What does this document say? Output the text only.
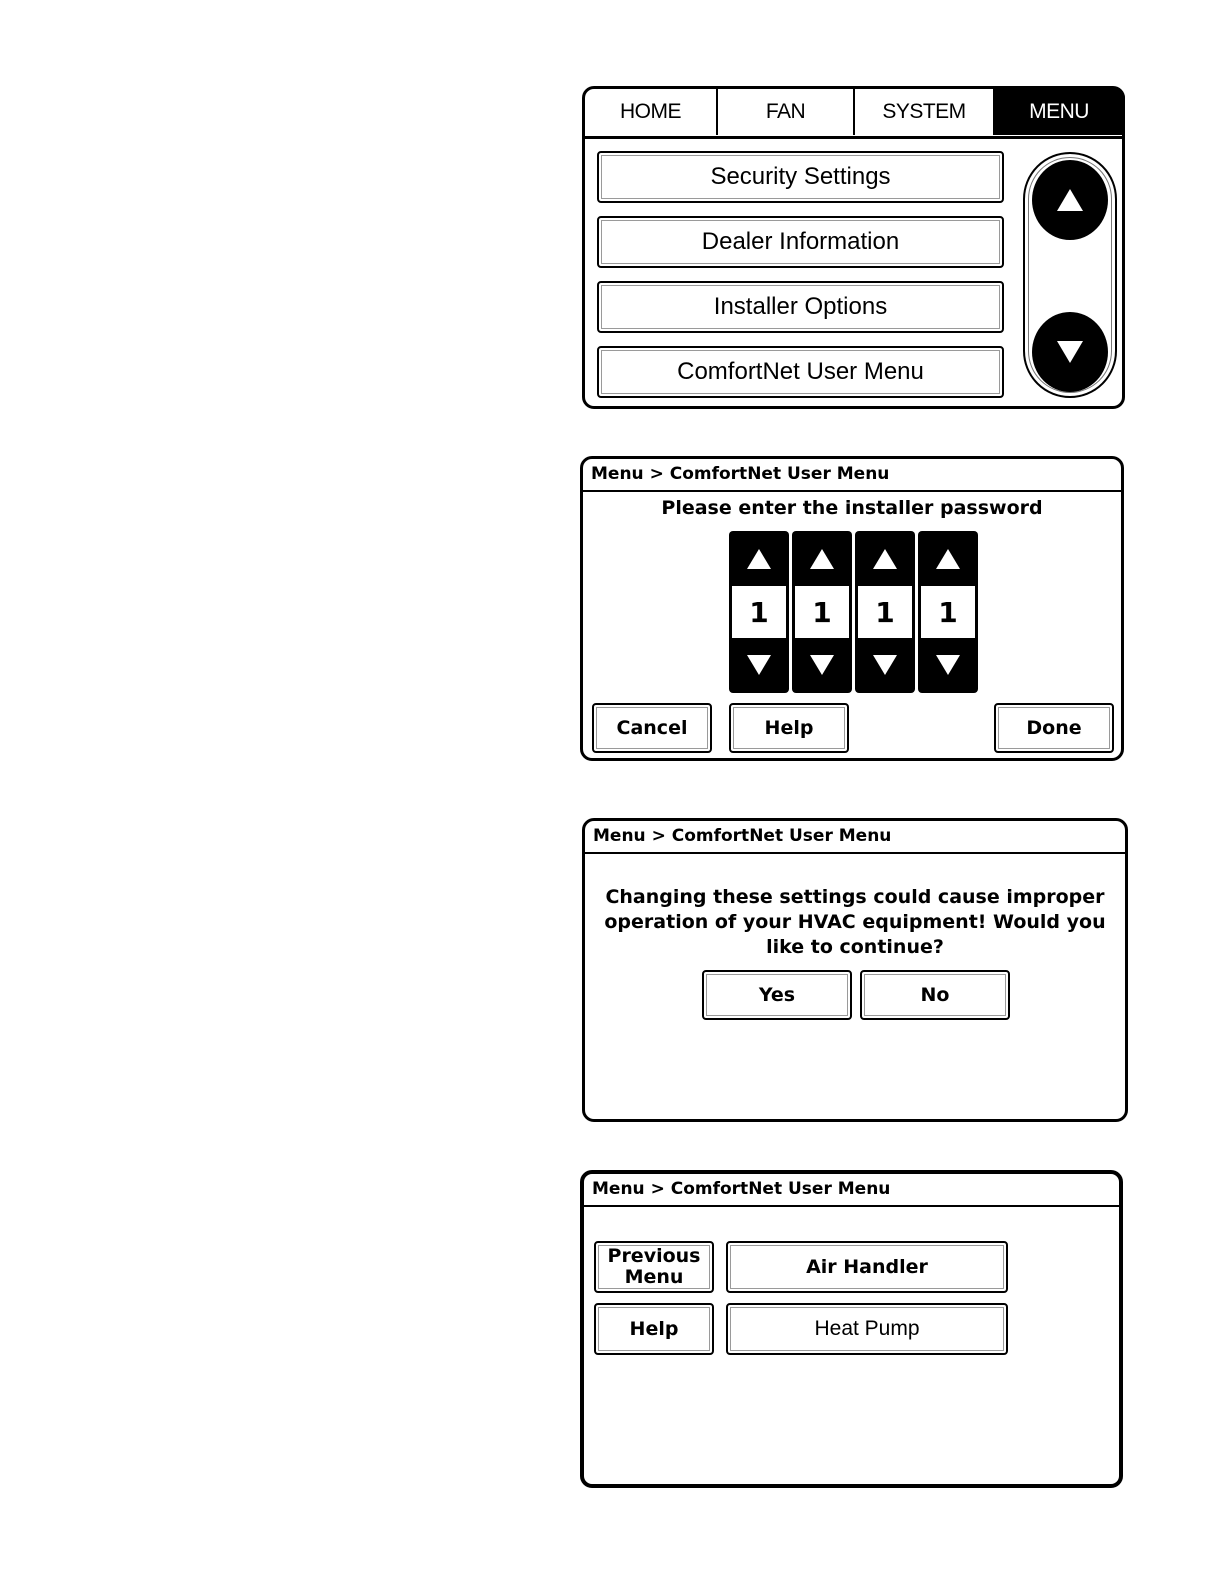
HOME	FAN	SYSTEM	MENU
Security Settings
Dealer Information
Installer Options
ComfortNet User Menu
Menu > ComfortNet User Menu
Please enter the installer password
1	1	1	1
Cancel	Help	Done
Menu > ComfortNet User Menu
Changing these settings could cause improper operation of your HVAC equipment! Would you like to continue?
Yes	No
Menu > ComfortNet User Menu
Previous Menu
Help
Air Handler
Heat Pump
